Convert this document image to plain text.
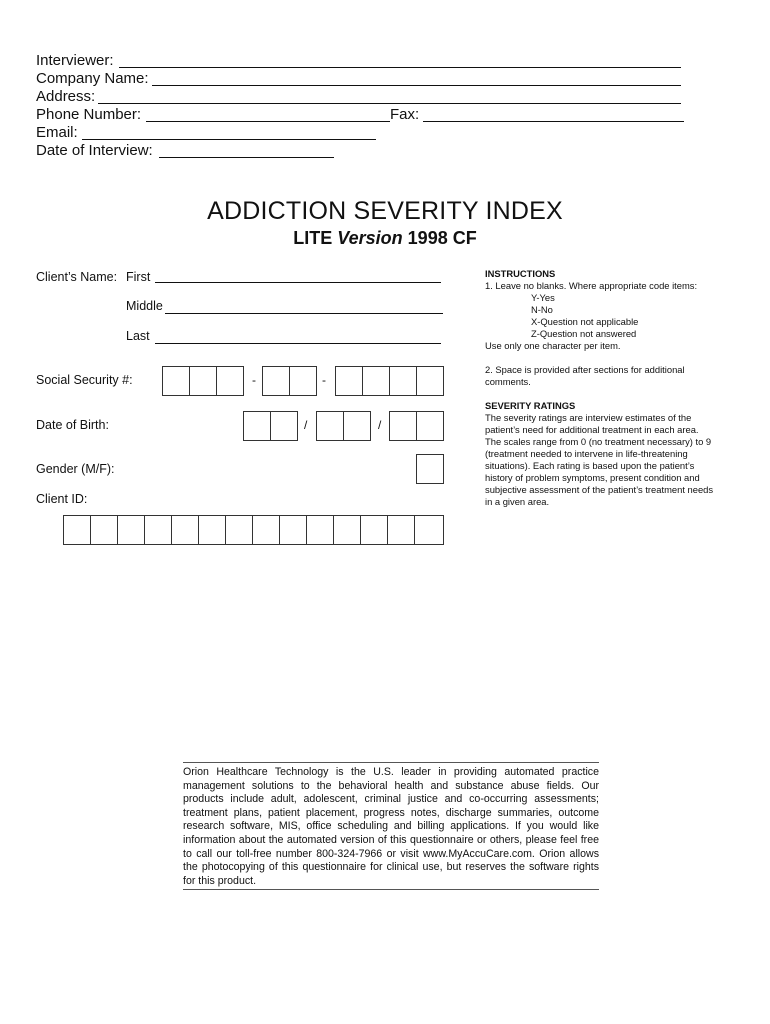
Interviewer:
Company Name:
Address:
Phone Number:	Fax:
Email:
Date of Interview:
ADDICTION SEVERITY INDEX
LITE Version 1998 CF
Client’s Name: First
Middle
Last
Social Security #:	-	-
Date of Birth:	/	/
Gender (M/F):
Client ID:
INSTRUCTIONS
1. Leave no blanks. Where appropriate code items:
Y-Yes
N-No
X-Question not applicable
Z-Question not answered
Use only one character per item.
2. Space is provided after sections for additional
comments.
SEVERITY RATINGS
The severity ratings are interview estimates of the
patient’s need for additional treatment in each area.
The scales range from 0 (no treatment necessary) to 9
(treatment needed to intervene in life-threatening
situations). Each rating is based upon the patient’s
history of problem symptoms, present condition and
subjective assessment of the patient’s treatment needs
in a given area.
Orion Healthcare Technology is the U.S. leader in providing automated practice management solutions to the behavioral health and substance abuse fields. Our products include adult, adolescent, criminal justice and co-occurring assessments; treatment plans, patient placement, progress notes, discharge summaries, outcome research software, MIS, office scheduling and billing applications. If you would like information about the automated version of this questionnaire or others, please feel free to call our toll-free number 800-324-7966 or visit www.MyAccuCare.com. Orion allows the photocopying of this questionnaire for clinical use, but reserves the software rights for this product.
